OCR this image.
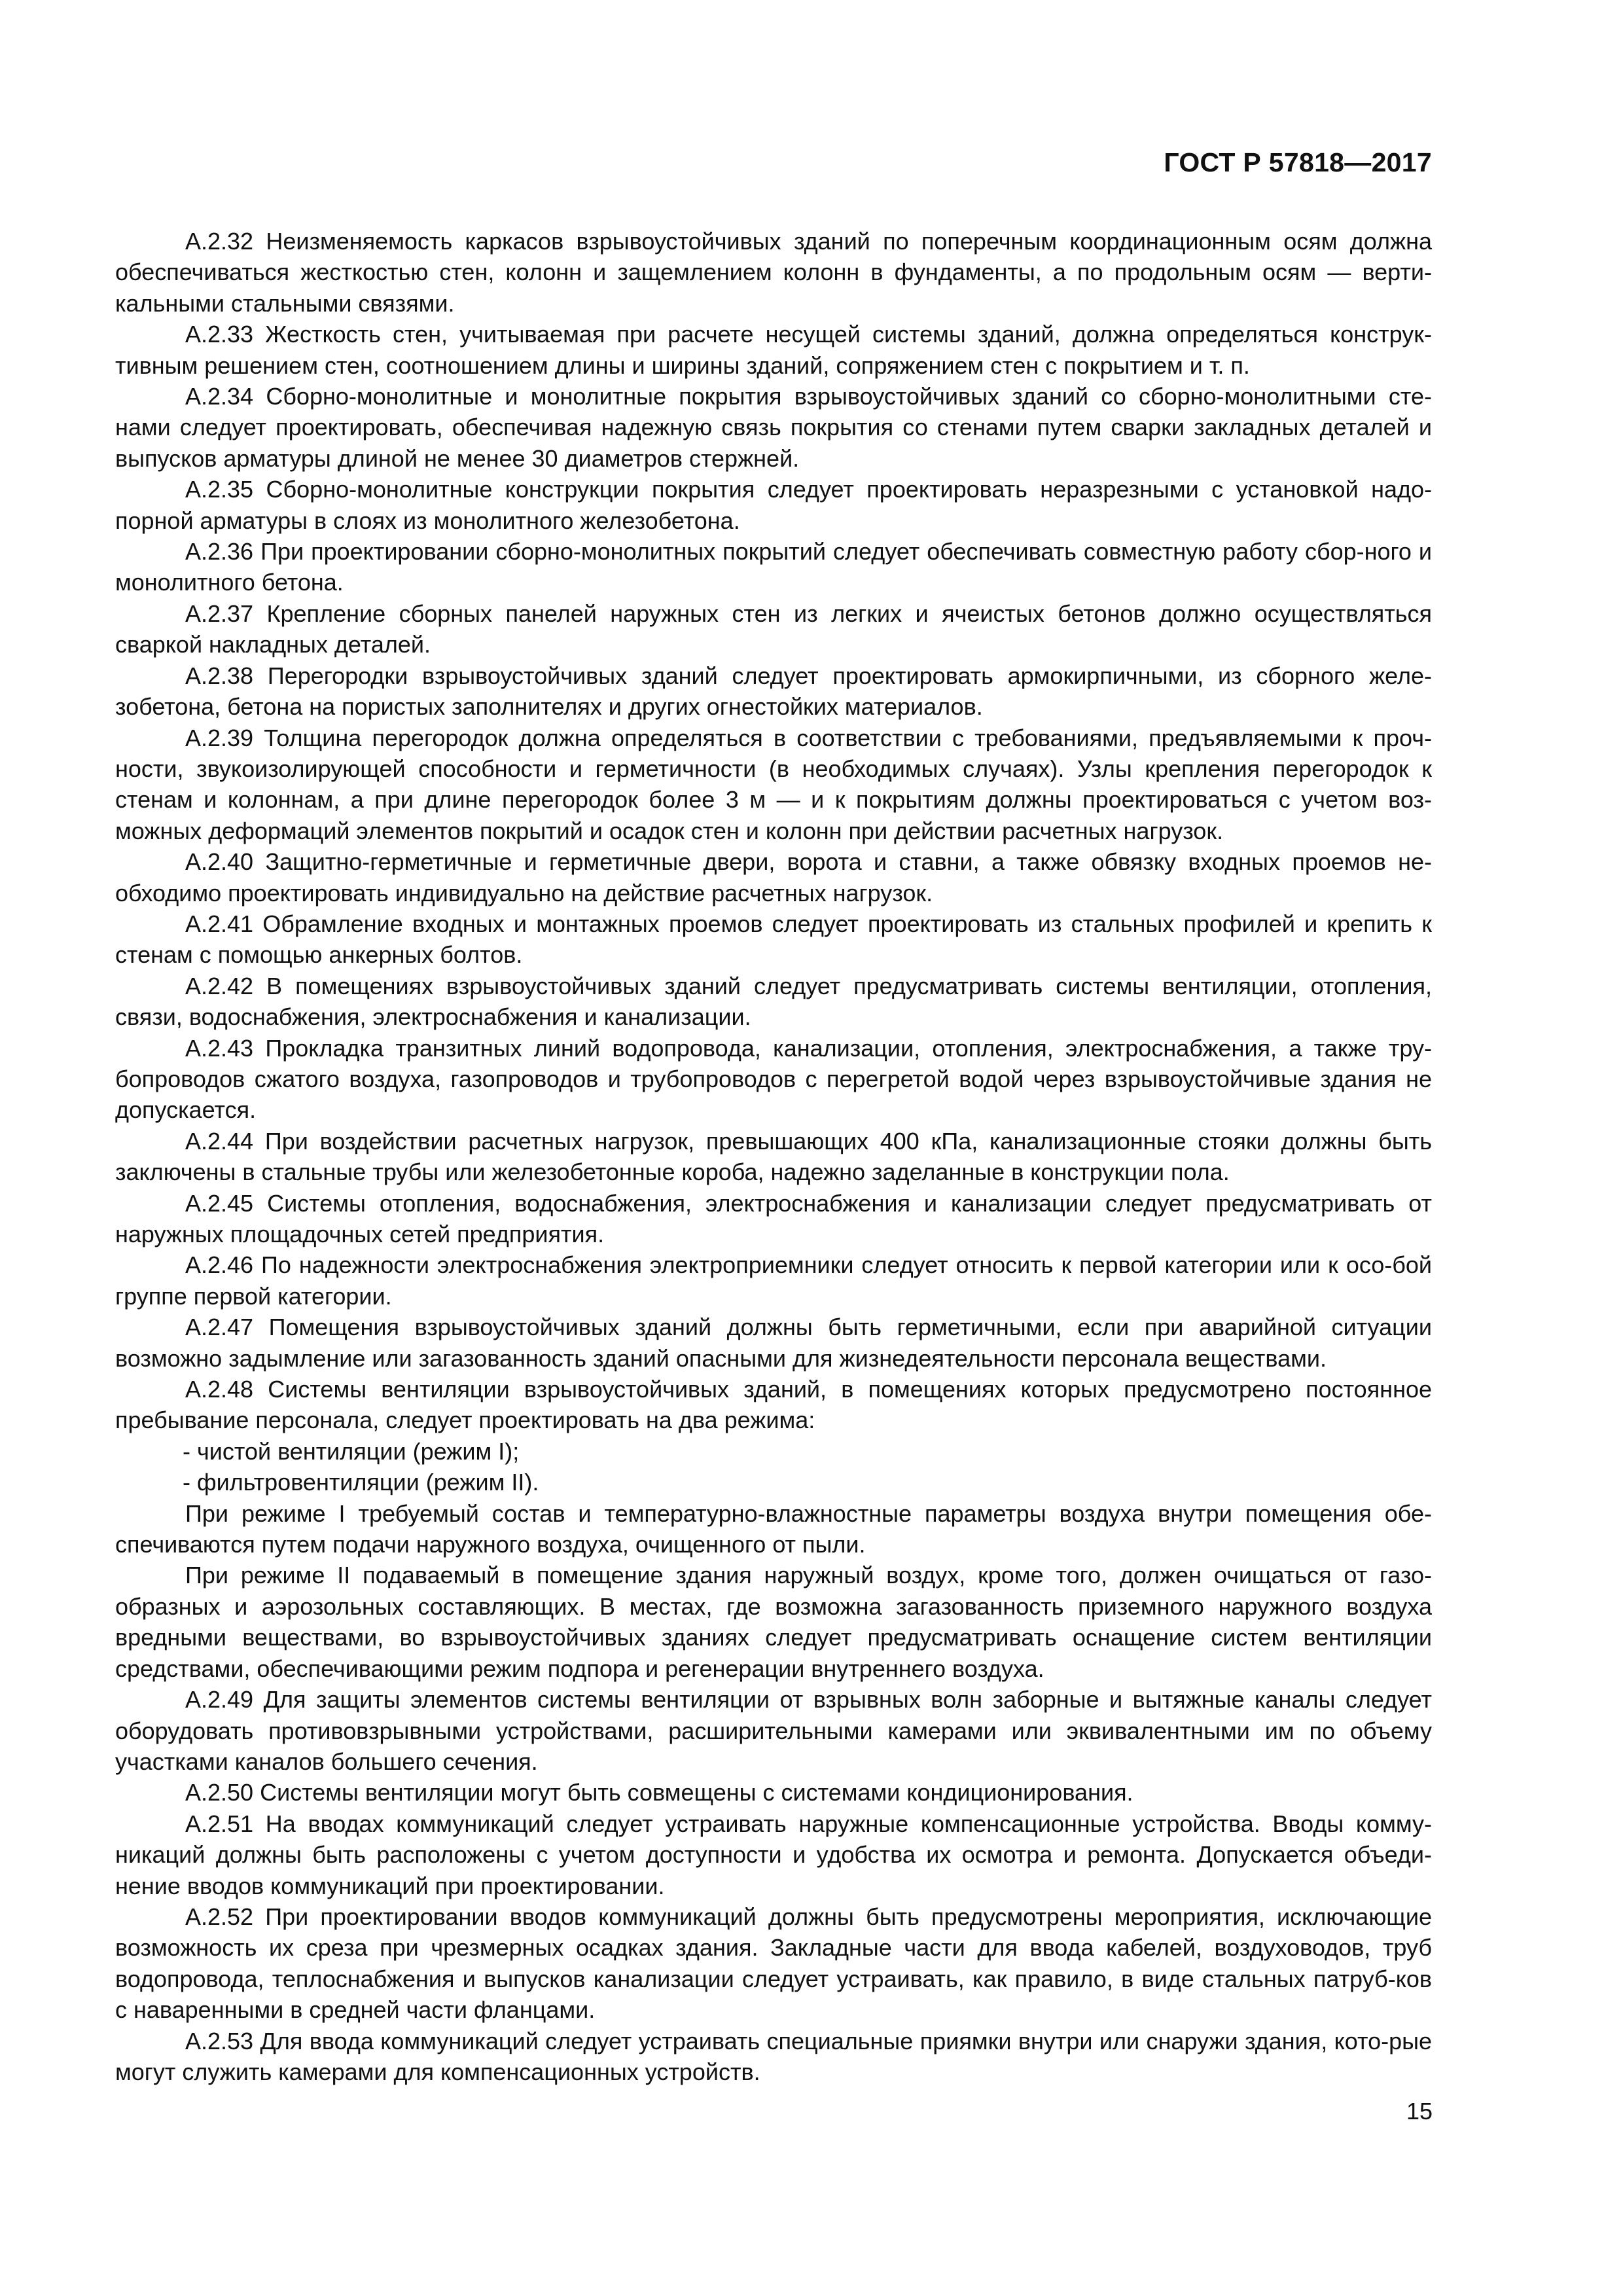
ГОСТ Р 57818—2017

А.2.32 Неизменяемость каркасов взрывоустойчивых зданий по поперечным координационным осям должна обеспечиваться жесткостью стен, колонн и защемлением колонн в фундаменты, а по продольным осям — верти-кальными стальными связями.

А.2.33 Жесткость стен, учитываемая при расчете несущей системы зданий, должна определяться конструк-тивным решением стен, соотношением длины и ширины зданий, сопряжением стен с покрытием и т. п.

А.2.34 Сборно-монолитные и монолитные покрытия взрывоустойчивых зданий со сборно-монолитными сте-нами следует проектировать, обеспечивая надежную связь покрытия со стенами путем сварки закладных деталей и выпусков арматуры длиной не менее 30 диаметров стержней.

А.2.35 Сборно-монолитные конструкции покрытия следует проектировать неразрезными с установкой надо-порной арматуры в слоях из монолитного железобетона.

А.2.36 При проектировании сборно-монолитных покрытий следует обеспечивать совместную работу сбор-ного и монолитного бетона.

А.2.37 Крепление сборных панелей наружных стен из легких и ячеистых бетонов должно осуществляться сваркой накладных деталей.

А.2.38 Перегородки взрывоустойчивых зданий следует проектировать армокирпичными, из сборного желе-зобетона, бетона на пористых заполнителях и других огнестойких материалов.

А.2.39 Толщина перегородок должна определяться в соответствии с требованиями, предъявляемыми к проч-ности, звукоизолирующей способности и герметичности (в необходимых случаях). Узлы крепления перегородок к стенам и колоннам, а при длине перегородок более 3 м — и к покрытиям должны проектироваться с учетом воз-можных деформаций элементов покрытий и осадок стен и колонн при действии расчетных нагрузок.

А.2.40 Защитно-герметичные и герметичные двери, ворота и ставни, а также обвязку входных проемов не-обходимо проектировать индивидуально на действие расчетных нагрузок.

А.2.41 Обрамление входных и монтажных проемов следует проектировать из стальных профилей и крепить к стенам с помощью анкерных болтов.

А.2.42 В помещениях взрывоустойчивых зданий следует предусматривать системы вентиляции, отопления, связи, водоснабжения, электроснабжения и канализации.

А.2.43 Прокладка транзитных линий водопровода, канализации, отопления, электроснабжения, а также тру-бопроводов сжатого воздуха, газопроводов и трубопроводов с перегретой водой через взрывоустойчивые здания не допускается.

А.2.44 При воздействии расчетных нагрузок, превышающих 400 кПа, канализационные стояки должны быть заключены в стальные трубы или железобетонные короба, надежно заделанные в конструкции пола.

А.2.45 Системы отопления, водоснабжения, электроснабжения и канализации следует предусматривать от наружных площадочных сетей предприятия.

А.2.46 По надежности электроснабжения электроприемники следует относить к первой категории или к осо-бой группе первой категории.

А.2.47 Помещения взрывоустойчивых зданий должны быть герметичными, если при аварийной ситуации возможно задымление или загазованность зданий опасными для жизнедеятельности персонала веществами.

А.2.48 Системы вентиляции взрывоустойчивых зданий, в помещениях которых предусмотрено постоянное пребывание персонала, следует проектировать на два режима:

- чистой вентиляции (режим I);

- фильтровентиляции (режим II).

При режиме I требуемый состав и температурно-влажностные параметры воздуха внутри помещения обе-спечиваются путем подачи наружного воздуха, очищенного от пыли.

При режиме II подаваемый в помещение здания наружный воздух, кроме того, должен очищаться от газо-образных и аэрозольных составляющих. В местах, где возможна загазованность приземного наружного воздуха вредными веществами, во взрывоустойчивых зданиях следует предусматривать оснащение систем вентиляции средствами, обеспечивающими режим подпора и регенерации внутреннего воздуха.

А.2.49 Для защиты элементов системы вентиляции от взрывных волн заборные и вытяжные каналы следует оборудовать противовзрывными устройствами, расширительными камерами или эквивалентными им по объему участками каналов большего сечения.

А.2.50 Системы вентиляции могут быть совмещены с системами кондиционирования.

А.2.51 На вводах коммуникаций следует устраивать наружные компенсационные устройства. Вводы комму-никаций должны быть расположены с учетом доступности и удобства их осмотра и ремонта. Допускается объеди-нение вводов коммуникаций при проектировании.

А.2.52 При проектировании вводов коммуникаций должны быть предусмотрены мероприятия, исключающие возможность их среза при чрезмерных осадках здания. Закладные части для ввода кабелей, воздуховодов, труб водопровода, теплоснабжения и выпусков канализации следует устраивать, как правило, в виде стальных патруб-ков с наваренными в средней части фланцами.

А.2.53 Для ввода коммуникаций следует устраивать специальные приямки внутри или снаружи здания, кото-рые могут служить камерами для компенсационных устройств.

15
